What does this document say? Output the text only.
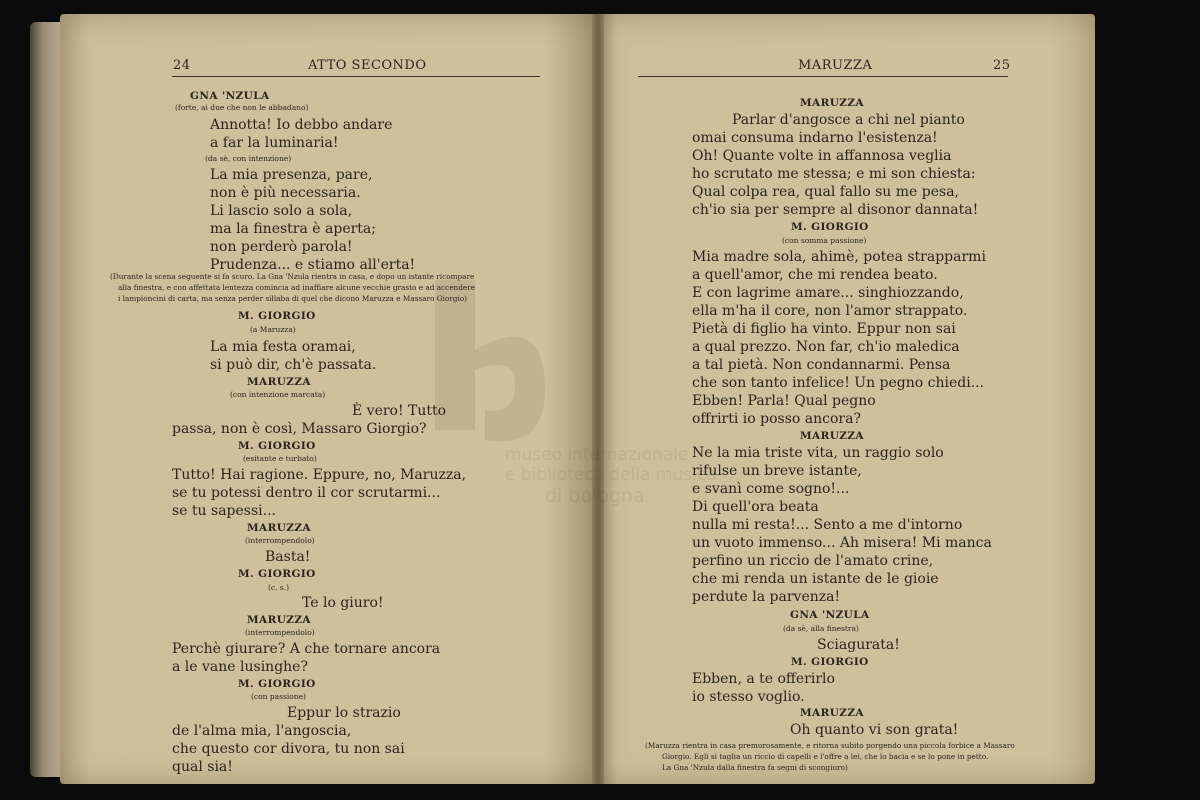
24	ATTO SECONDO	MARUZZA	25
museo internazionale
e biblioteca della musica
di bologna
GNA 'NZULA
(forte, ai due che non le abbadano)
Annotta! Io debbo andare
a far la luminaria!
(da sè, con intenzione)
La mia presenza, pare,
non è più necessaria.
Li lascio solo a sola,
ma la finestra è aperta;
non perderò parola!
Prudenza... e stiamo all'erta!
(Durante la scena seguente si fa scuro. La Gna 'Nzula rientra in casa, e dopo un istante ricompare
alla finestra, e con affettata lentezza comincia ad inaffiare alcune vecchie grasto e ad accendere
i lampioncini di carta, ma senza perder sillaba di quel che dicono Maruzza e Massaro Giorgio)
M. GIORGIO
(a Maruzza)
La mia festa oramai,
si può dir, ch'è passata.
MARUZZA
(con intenzione marcata)
È vero! Tutto
passa, non è così, Massaro Giorgio?
M. GIORGIO
(esitante e turbato)
Tutto! Hai ragione. Eppure, no, Maruzza,
se tu potessi dentro il cor scrutarmi...
se tu sapessi...
MARUZZA
(interrompendolo)
Basta!
M. GIORGIO
(c. s.)
Te lo giuro!
MARUZZA
(interrompendolo)
Perchè giurare? A che tornare ancora
a le vane lusinghe?
M. GIORGIO
(con passione)
Eppur lo strazio
de l'alma mia, l'angoscia,
che questo cor divora, tu non sai
qual sia!
MARUZZA
Parlar d'angosce a chi nel pianto
omai consuma indarno l'esistenza!
Oh! Quante volte in affannosa veglia
ho scrutato me stessa; e mi son chiesta:
Qual colpa rea, qual fallo su me pesa,
ch'io sia per sempre al disonor dannata!
M. GIORGIO
(con somma passione)
Mia madre sola, ahimè, potea strapparmi
a quell'amor, che mi rendea beato.
E con lagrime amare... singhiozzando,
ella m'ha il core, non l'amor strappato.
Pietà di figlio ha vinto. Eppur non sai
a qual prezzo. Non far, ch'io maledica
a tal pietà. Non condannarmi. Pensa
che son tanto infelice! Un pegno chiedi...
Ebben! Parla! Qual pegno
offrirti io posso ancora?
MARUZZA
Ne la mia triste vita, un raggio solo
rifulse un breve istante,
e svanì come sogno!...
Di quell'ora beata
nulla mi resta!... Sento a me d'intorno
un vuoto immenso... Ah misera! Mi manca
perfino un riccio de l'amato crine,
che mi renda un istante de le gioie
perdute la parvenza!
GNA 'NZULA
(da sè, alla finestra)
Sciagurata!
M. GIORGIO
Ebben, a te offerirlo
io stesso voglio.
MARUZZA
Oh quanto vi son grata!
(Maruzza rientra in casa premurosamente, e ritorna subito porgendo una piccola forbice a Massaro
Giorgio. Egli si taglia un riccio di capelli e l'offre a lei, che lo bacia e se lo pone in petto.
La Gna 'Nzula dalla finestra fa segni di scongiuro)
